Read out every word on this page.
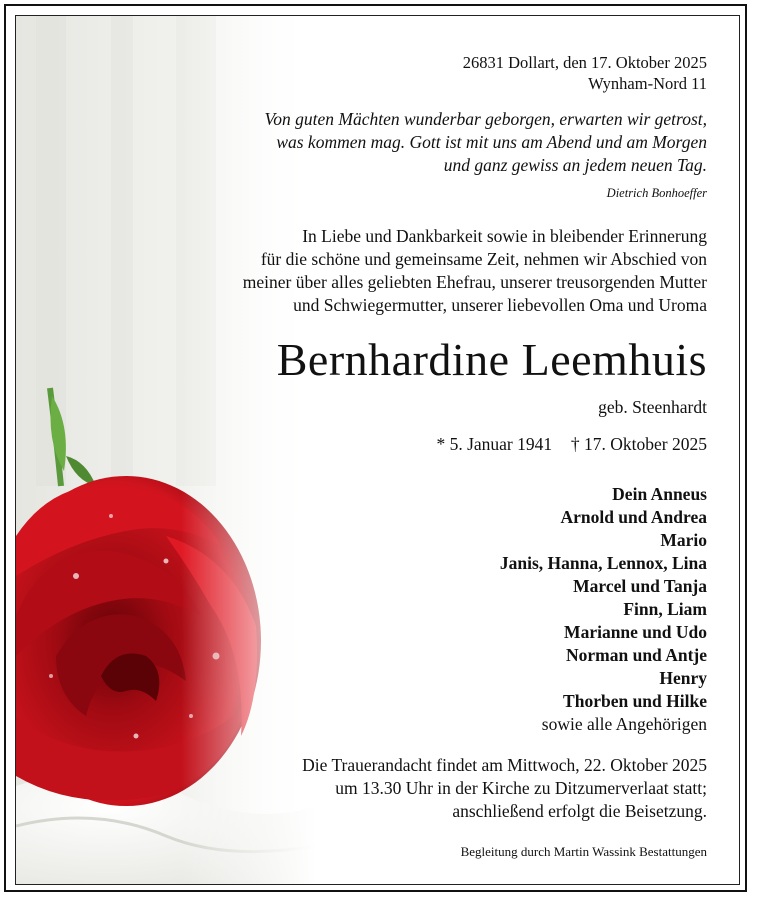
26831 Dollart, den 17. Oktober 2025
Wynham-Nord 11
Von guten Mächten wunderbar geborgen, erwarten wir getrost,
was kommen mag. Gott ist mit uns am Abend und am Morgen
und ganz gewiss an jedem neuen Tag.
Dietrich Bonhoeffer
In Liebe und Dankbarkeit sowie in bleibender Erinnerung
für die schöne und gemeinsame Zeit, nehmen wir Abschied von
meiner über alles geliebten Ehefrau, unserer treusorgenden Mutter
und Schwiegermutter, unserer liebevollen Oma und Uroma
Bernhardine Leemhuis
geb. Steenhardt
* 5. Januar 1941 † 17. Oktober 2025
Dein Anneus
Arnold und Andrea
Mario
Janis, Hanna, Lennox, Lina
Marcel und Tanja
Finn, Liam
Marianne und Udo
Norman und Antje
Henry
Thorben und Hilke
sowie alle Angehörigen
Die Trauerandacht findet am Mittwoch, 22. Oktober 2025
um 13.30 Uhr in der Kirche zu Ditzumerverlaat statt;
anschließend erfolgt die Beisetzung.
Begleitung durch Martin Wassink Bestattungen
